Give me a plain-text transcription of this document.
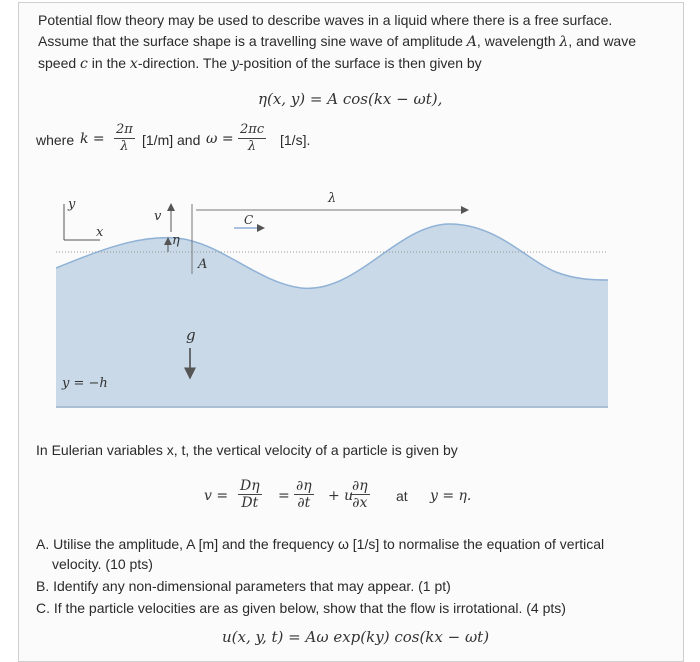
Potential flow theory may be used to describe waves in a liquid where there is a free surface. Assume that the surface shape is a travelling sine wave of amplitude A, wavelength λ, and wave speed c in the x-direction. The y-position of the surface is then given by

η(x, y) = A cos(kx − ωt),
where $k = \frac{2\pi}{\lambda} [1/m]$ and $\omega = \frac{2\pi c}{\lambda} [1/s]$.
y
x
v
η
A
λ
C
g
y = −h
In Eulerian variables x, t, the vertical velocity of a particle is given by
$v = \frac{D\eta}{Dt} = \frac{\partial\eta}{\partial t} + u$
$\frac{\partial\eta}{\partial x}$ at y = η.
A. Utilise the amplitude, A [m] and the frequency ω [1/s] to normalise the equation of vertical velocity. (10 pts)
B. Identify any non-dimensional parameters that may appear. (1 pt)
C. If the particle velocities are as given below, show that the flow is irrotational. (4 pts)
u(x, y, t) = Aω exp(ky) cos(kx − ωt)
